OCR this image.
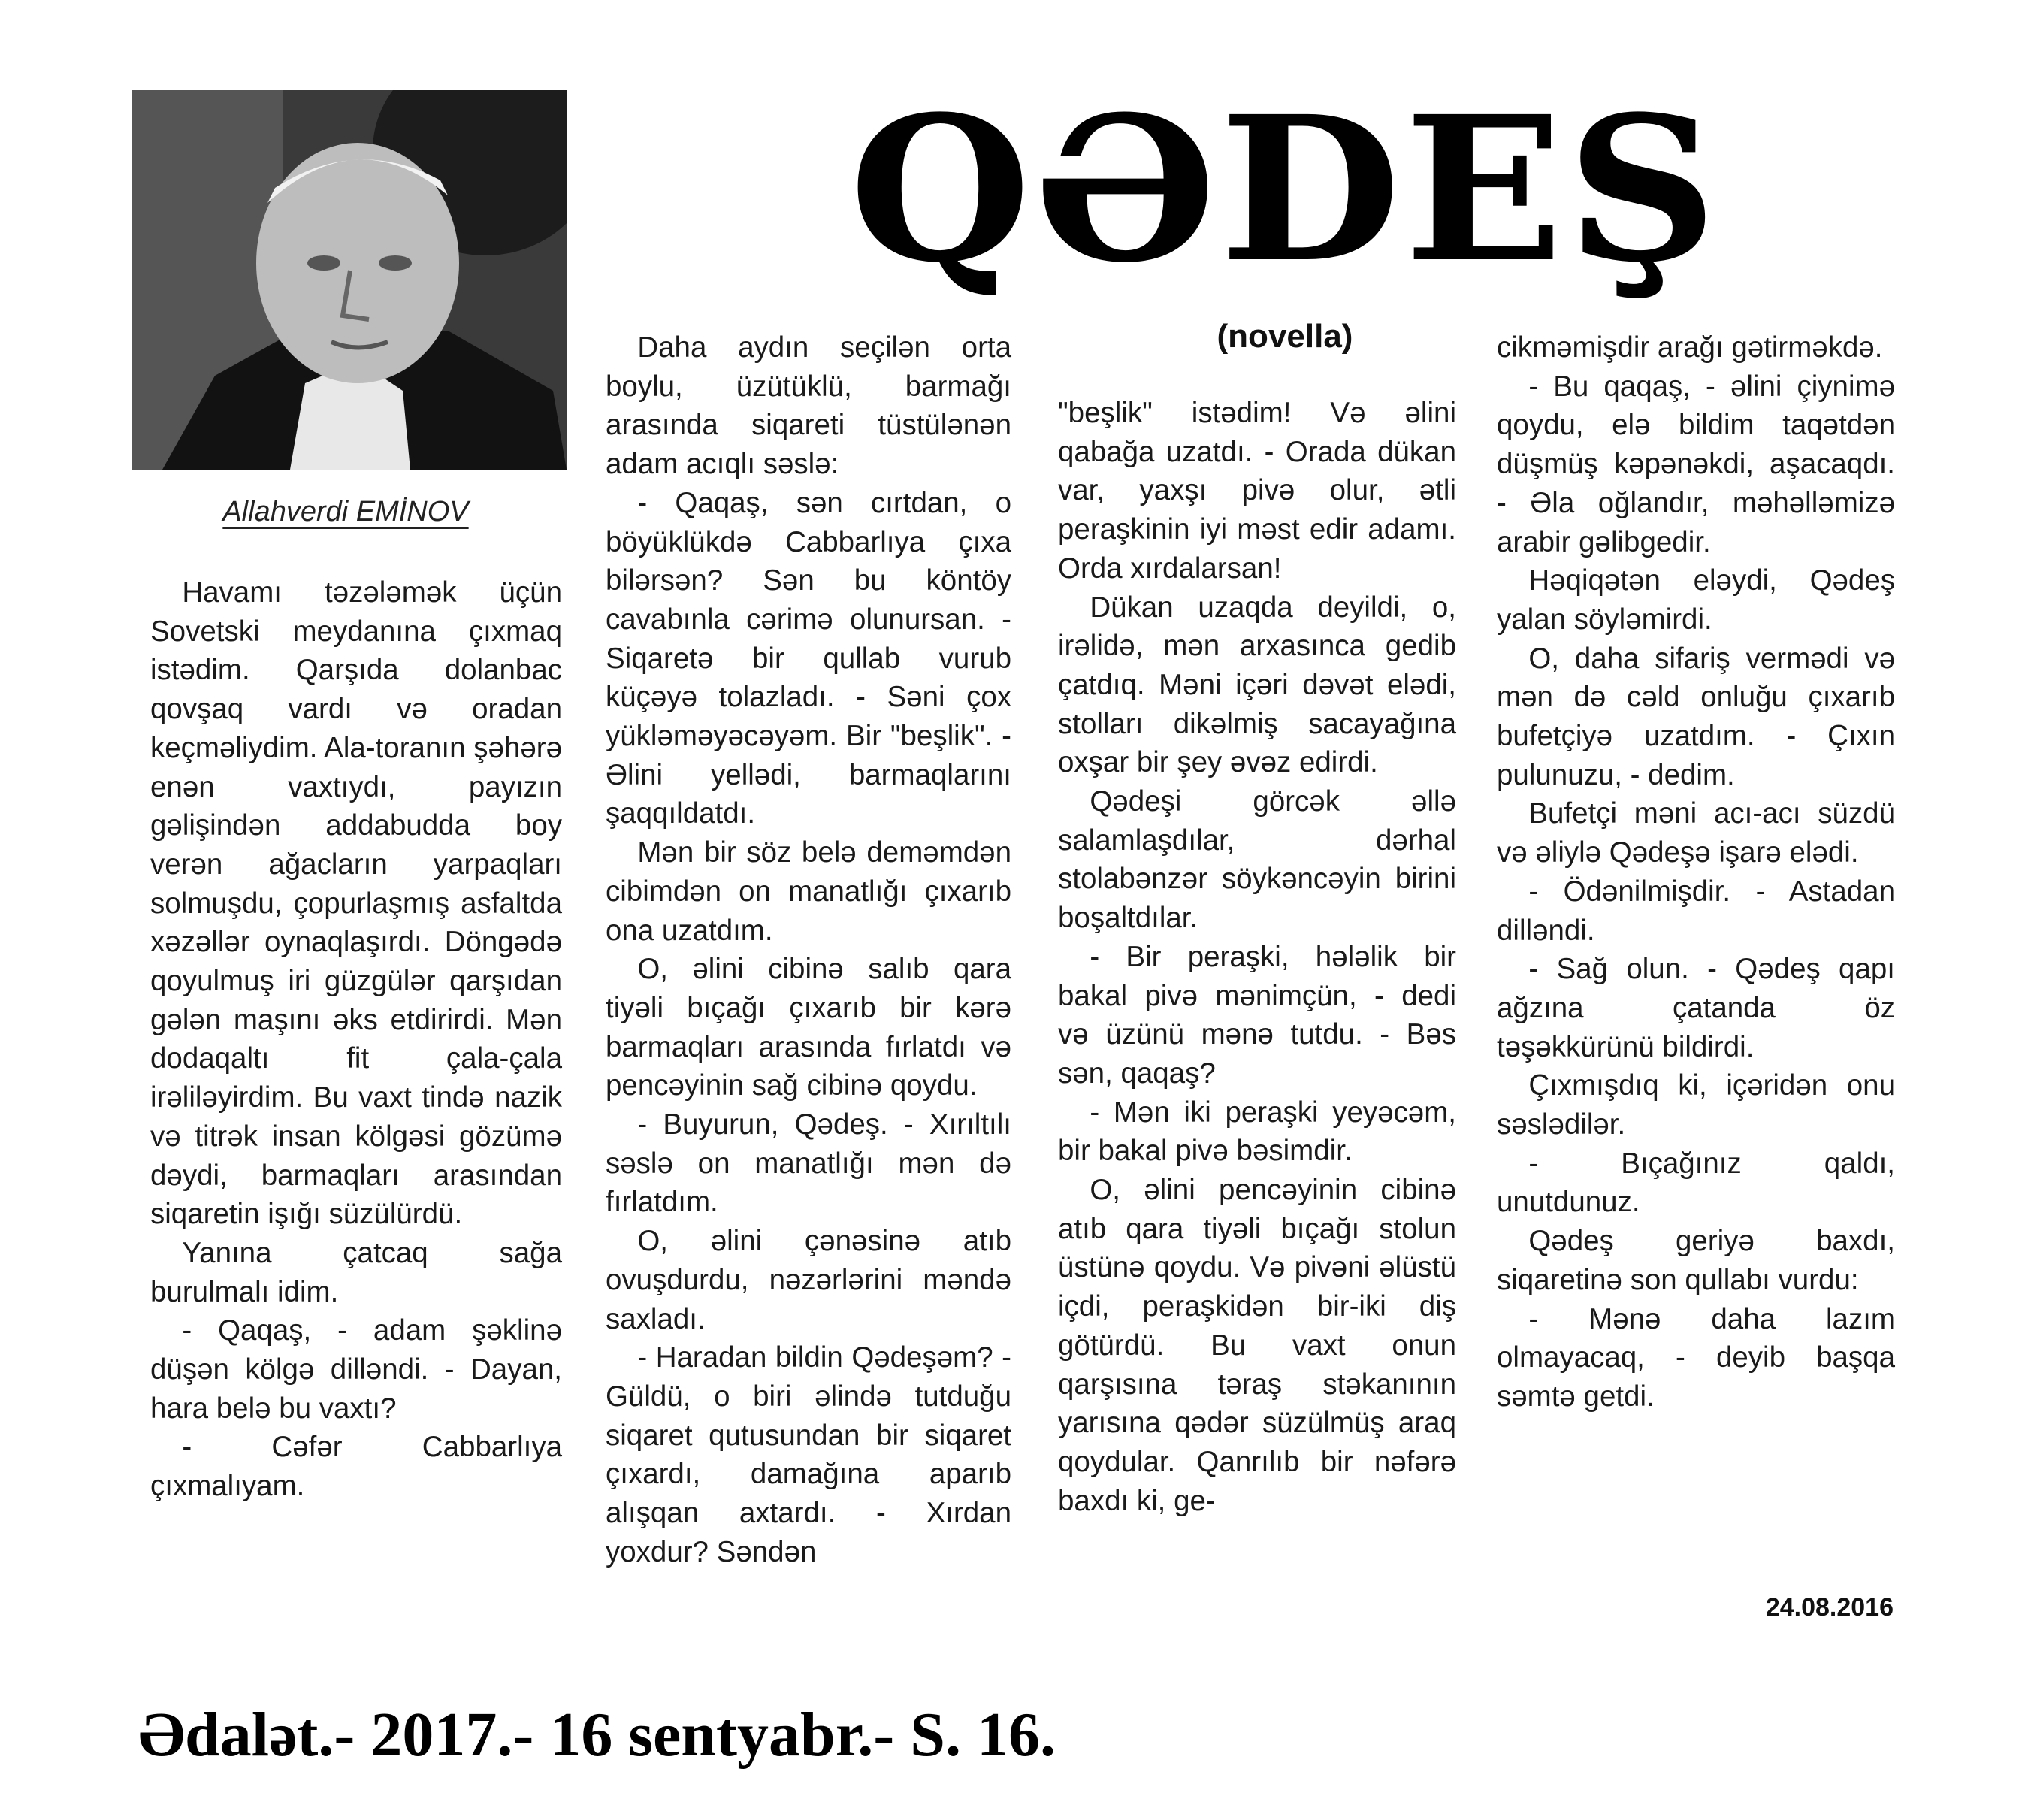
Allahverdi EMİNOV
QƏDEŞ
(novella)

Havamı təzələmək üçün Sovetski meydanına çıxmaq istədim. Qarşıda dolanbac qovşaq vardı və oradan keçməliydim. Ala-toranın şəhərə enən vaxtıydı, payızın gəlişindən addabudda boy verən ağacların yarpaqları solmuşdu, çopurlaşmış asfaltda xəzəllər oynaqlaşırdı. Döngədə qoyulmuş iri güzgülər qarşıdan gələn maşını əks etdirirdi. Mən dodaqaltı fit çala-çala irəliləyirdim. Bu vaxt tində nazik və titrək insan kölgəsi gözümə dəydi, barmaqları arasından siqaretin işığı süzülürdü.

Yanına çatcaq sağa burulmalı idim.

- Qaqaş, - adam şəklinə düşən kölgə dilləndi. - Dayan, hara belə bu vaxtı?

- Cəfər Cabbarlıya çıxmalıyam.

Daha aydın seçilən orta boylu, üzütüklü, barmağı arasında siqareti tüstülənən adam acıqlı səslə:

- Qaqaş, sən cırtdan, o böyüklükdə Cabbarlıya çıxa bilərsən? Sən bu köntöy cavabınla cərimə olunursan. - Siqaretə bir qullab vurub küçəyə tolazladı. - Səni çox yükləməyəcəyəm. Bir "beşlik". - Əlini yellədi, barmaqlarını şaqqıldatdı.

Mən bir söz belə deməmdən cibimdən on manatlığı çıxarıb ona uzatdım.

O, əlini cibinə salıb qara tiyəli bıçağı çıxarıb bir kərə barmaqları arasında fırlatdı və pencəyinin sağ cibinə qoydu.

- Buyurun, Qədeş. - Xırıltılı səslə on manatlığı mən də fırlatdım.

O, əlini çənəsinə atıb ovuşdurdu, nəzərlərini məndə saxladı.

- Haradan bildin Qədeşəm? - Güldü, o biri əlində tutduğu siqaret qutusundan bir siqaret çıxardı, damağına aparıb alışqan axtardı. - Xırdan yoxdur? Səndən

"beşlik" istədim! Və əlini qabağa uzatdı. - Orada dükan var, yaxşı pivə olur, ətli peraşkinin iyi məst edir adamı. Orda xırdalarsan!

Dükan uzaqda deyildi, o, irəlidə, mən arxasınca gedib çatdıq. Məni içəri dəvət elədi, stolları dikəlmiş sacayağına oxşar bir şey əvəz edirdi.

Qədeşi görcək əllə salamlaşdılar, dərhal stolabənzər söykəncəyin birini boşaltdılar.

- Bir peraşki, hələlik bir bakal pivə mənimçün, - dedi və üzünü mənə tutdu. - Bəs sən, qaqaş?

- Mən iki peraşki yeyəcəm, bir bakal pivə bəsimdir.

O, əlini pencəyinin cibinə atıb qara tiyəli bıçağı stolun üstünə qoydu. Və pivəni əlüstü içdi, peraşkidən bir-iki diş götürdü. Bu vaxt onun qarşısına təraş stəkanının yarısına qədər süzülmüş araq qoydular. Qanrılıb bir nəfərə baxdı ki, ge-

cikməmişdir arağı gətirməkdə.

- Bu qaqaş, - əlini çiynimə qoydu, elə bildim taqətdən düşmüş kəpənəkdi, aşacaqdı. - Əla oğlandır, məhəlləmizə arabir gəlibgedir.

Həqiqətən eləydi, Qədeş yalan söyləmirdi.

O, daha sifariş vermədi və mən də cəld onluğu çıxarıb bufetçiyə uzatdım. - Çıxın pulunuzu, - dedim.

Bufetçi məni acı-acı süzdü və əliylə Qədeşə işarə elədi.

- Ödənilmişdir. - Astadan dilləndi.

- Sağ olun. - Qədeş qapı ağzına çatanda öz təşəkkürünü bildirdi.

Çıxmışdıq ki, içəridən onu səslədilər.

- Bıçağınız qaldı, unutdunuz.

Qədeş geriyə baxdı, siqaretinə son qullabı vurdu:

- Mənə daha lazım olmayacaq, - deyib başqa səmtə getdi.

24.08.2016
Ədalət.- 2017.- 16 sentyabr.- S. 16.
